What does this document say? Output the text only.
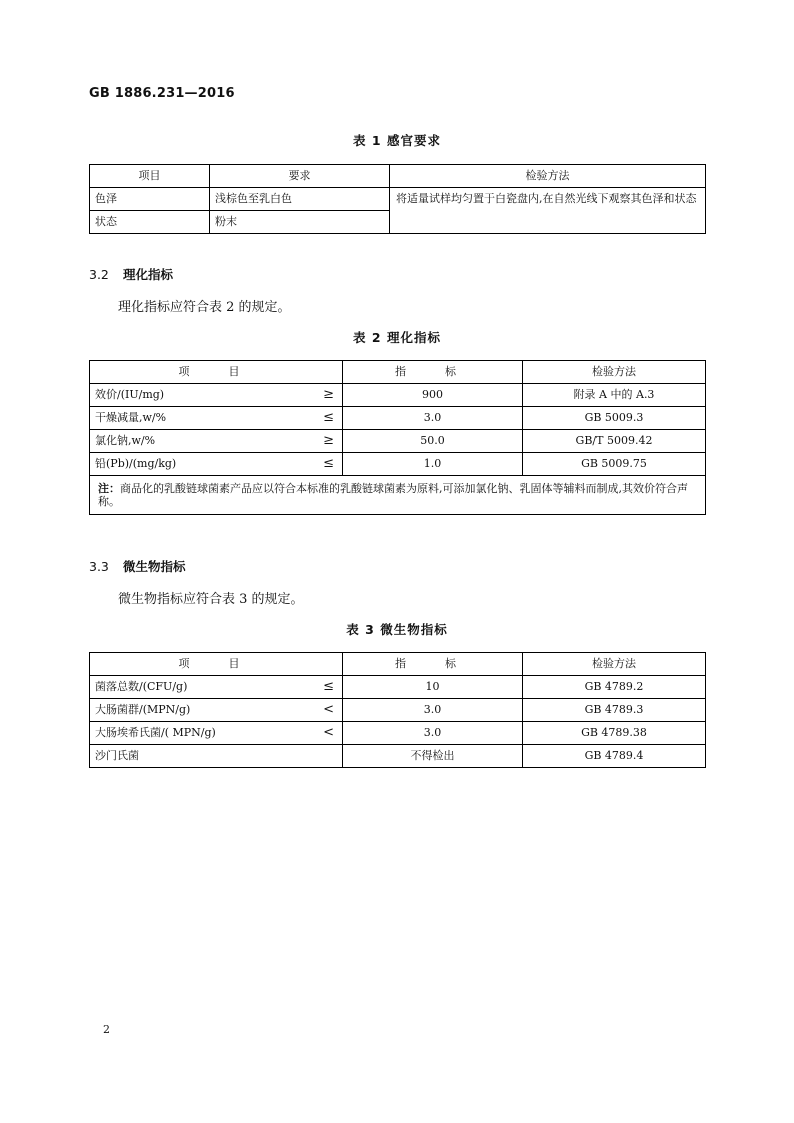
GB 1886.231—2016
表 1 感官要求
项目	要求	检验方法
色泽	浅棕色至乳白色	将适量试样均匀置于白瓷盘内,在自然光线下观察其色泽和状态
状态	粉末	
3.2 理化指标
理化指标应符合表 2 的规定。
表 2 理化指标
项　目	指　标	检验方法
效价/(IU/mg) ≥	900	附录 A 中的 A.3
干燥减量,w/% ≤	3.0	GB 5009.3
氯化钠,w/% ≥	50.0	GB/T 5009.42
铅(Pb)/(mg/kg) ≤	1.0	GB 5009.75
注：商品化的乳酸链球菌素产品应以符合本标准的乳酸链球菌素为原料,可添加氯化钠、乳固体等辅料而制成,其效价符合声称。		
3.3 微生物指标
微生物指标应符合表 3 的规定。
表 3 微生物指标
项　目	指　标	检验方法
菌落总数/(CFU/g) ≤	10	GB 4789.2
大肠菌群/(MPN/g) <	3.0	GB 4789.3
大肠埃希氏菌/( MPN/g) <	3.0	GB 4789.38
沙门氏菌	不得检出	GB 4789.4
2
